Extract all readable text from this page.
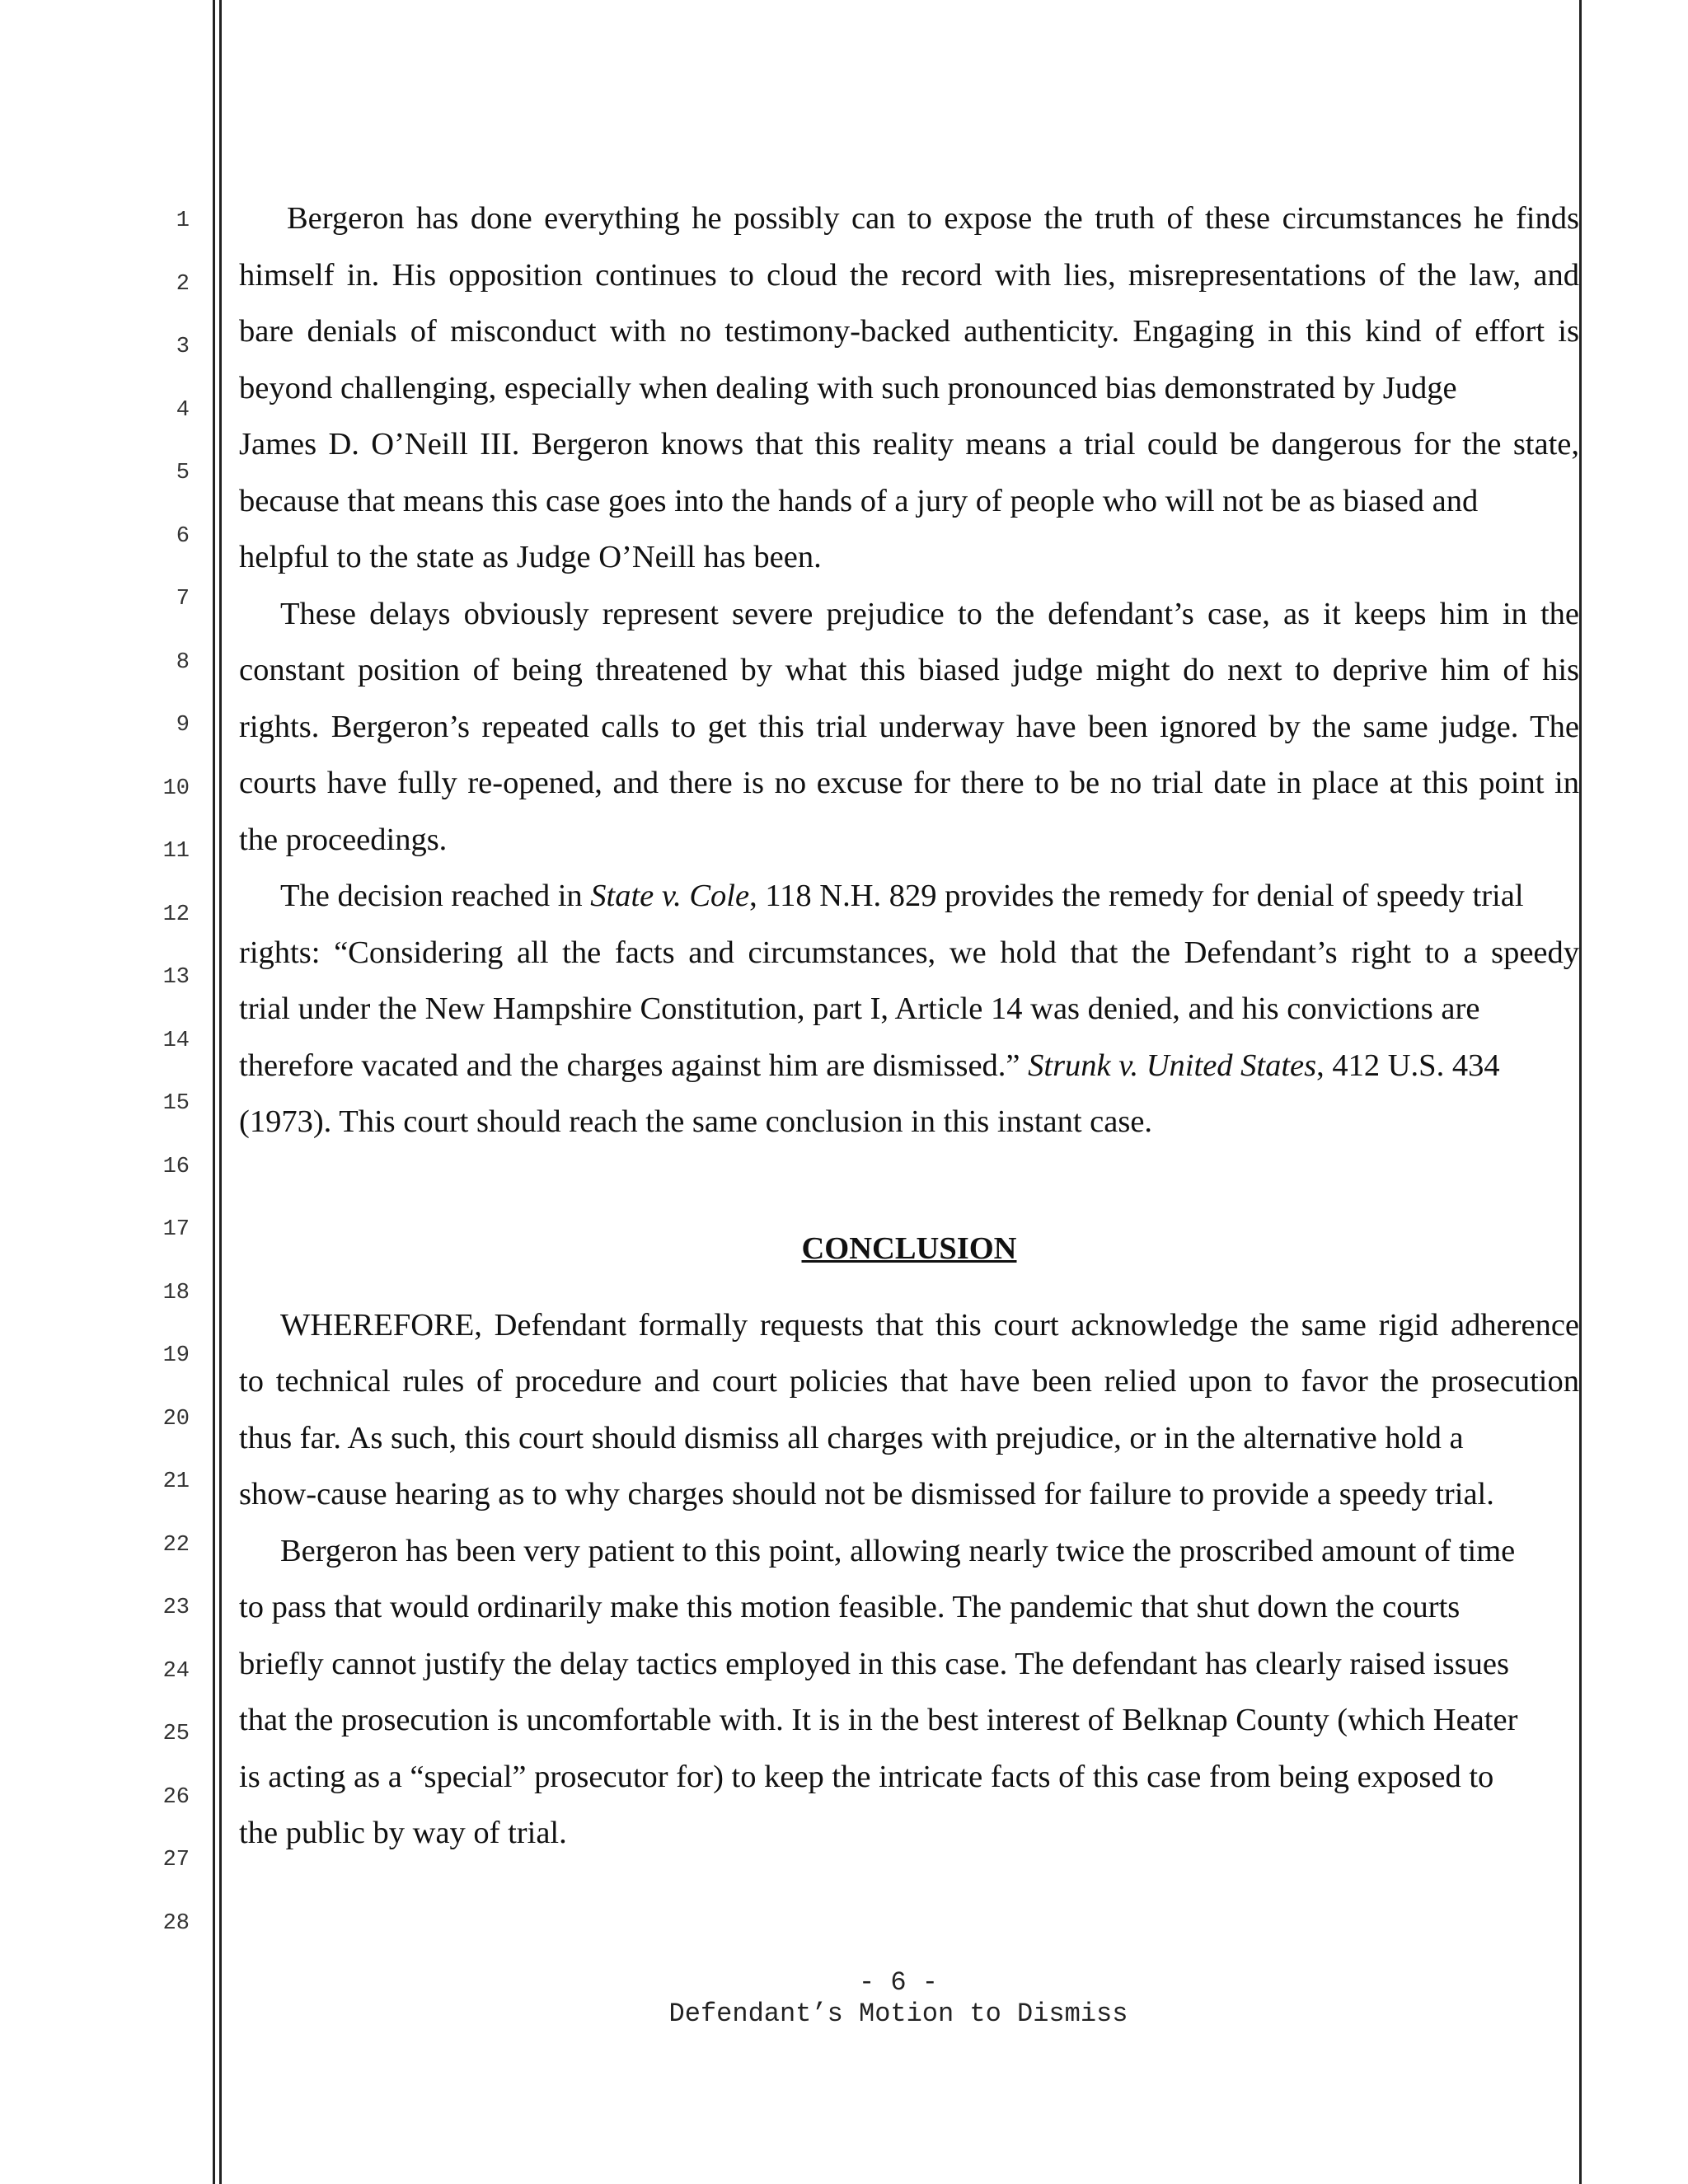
1
2
3
4
5
6
7
8
9
10
11
12
13
14
15
16
17
18
19
20
21
22
23
24
25
26
27
28
Bergeron has done everything he possibly can to expose the truth of these circumstances he finds
himself in. His opposition continues to cloud the record with lies, misrepresentations of the law, and
bare denials of misconduct with no testimony-backed authenticity. Engaging in this kind of effort is
beyond challenging, especially when dealing with such pronounced bias demonstrated by Judge
James D. O’Neill III. Bergeron knows that this reality means a trial could be dangerous for the state,
because that means this case goes into the hands of a jury of people who will not be as biased and
helpful to the state as Judge O’Neill has been.
These delays obviously represent severe prejudice to the defendant’s case, as it keeps him in the
constant position of being threatened by what this biased judge might do next to deprive him of his
rights. Bergeron’s repeated calls to get this trial underway have been ignored by the same judge. The
courts have fully re-opened, and there is no excuse for there to be no trial date in place at this point in
the proceedings.
The decision reached in State v. Cole, 118 N.H. 829 provides the remedy for denial of speedy trial
rights: “Considering all the facts and circumstances, we hold that the Defendant’s right to a speedy
trial under the New Hampshire Constitution, part I, Article 14 was denied, and his convictions are
therefore vacated and the charges against him are dismissed.” Strunk v. United States, 412 U.S. 434
(1973). This court should reach the same conclusion in this instant case.
CONCLUSION
WHEREFORE, Defendant formally requests that this court acknowledge the same rigid adherence
to technical rules of procedure and court policies that have been relied upon to favor the prosecution
thus far. As such, this court should dismiss all charges with prejudice, or in the alternative hold a
show-cause hearing as to why charges should not be dismissed for failure to provide a speedy trial.
Bergeron has been very patient to this point, allowing nearly twice the proscribed amount of time
to pass that would ordinarily make this motion feasible. The pandemic that shut down the courts
briefly cannot justify the delay tactics employed in this case. The defendant has clearly raised issues
that the prosecution is uncomfortable with. It is in the best interest of Belknap County (which Heater
is acting as a “special” prosecutor for) to keep the intricate facts of this case from being exposed to
the public by way of trial.
- 6 -
Defendant’s Motion to Dismiss
